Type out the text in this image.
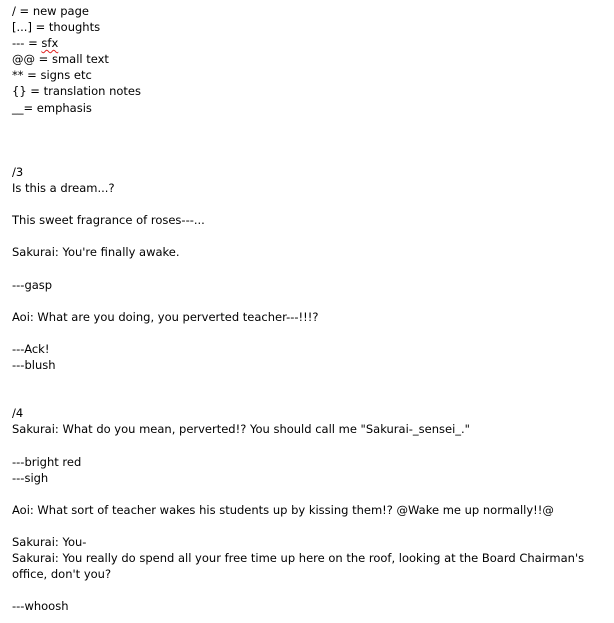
/ = new page
[...] = thoughts
--- = sfx
@@ = small text
** = signs etc
{} = translation notes
__= emphasis
/3
Is this a dream...?
This sweet fragrance of roses---...
Sakurai: You're finally awake.
---gasp
Aoi: What are you doing, you perverted teacher---!!!?
---Ack!
---blush
/4
Sakurai: What do you mean, perverted!? You should call me "Sakurai-_sensei_."
---bright red
---sigh
Aoi: What sort of teacher wakes his students up by kissing them!? @Wake me up normally!!@
Sakurai: You-
Sakurai: You really do spend all your free time up here on the roof, looking at the Board Chairman's
office, don't you?
---whoosh
